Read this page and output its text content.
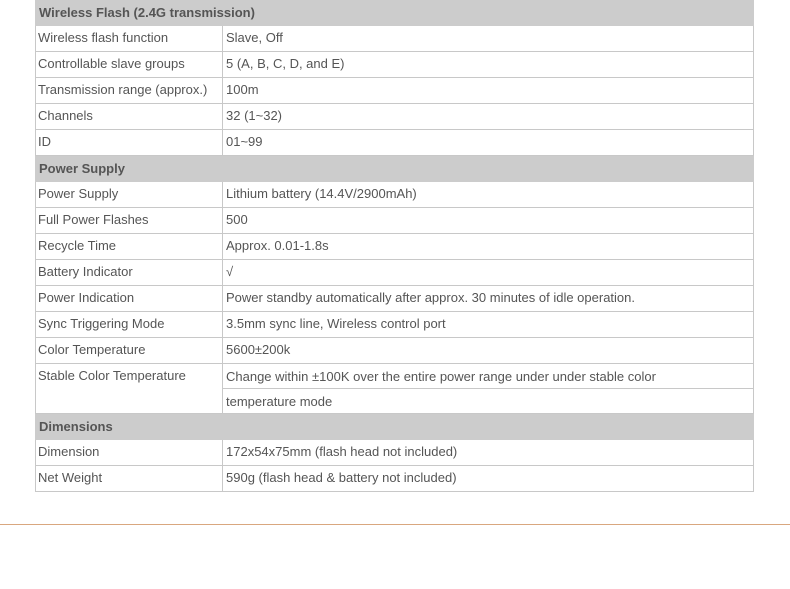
Wireless Flash (2.4G transmission)
Wireless flash function	Slave, Off
Controllable slave groups	5 (A, B, C, D, and E)
Transmission range (approx.)	100m
Channels	32 (1~32)
ID	01~99
Power Supply
Power Supply	Lithium battery (14.4V/2900mAh)
Full Power Flashes	500
Recycle Time	Approx. 0.01-1.8s
Battery Indicator	√
Power Indication	Power standby automatically after approx. 30 minutes of idle operation.
Sync Triggering Mode	3.5mm sync line, Wireless control port
Color Temperature	5600±200k
Stable Color Temperature	Change within ±100K over the entire power range under under stable color
temperature mode
Dimensions
Dimension	172x54x75mm (flash head not included)
Net Weight	590g (flash head & battery not included)
